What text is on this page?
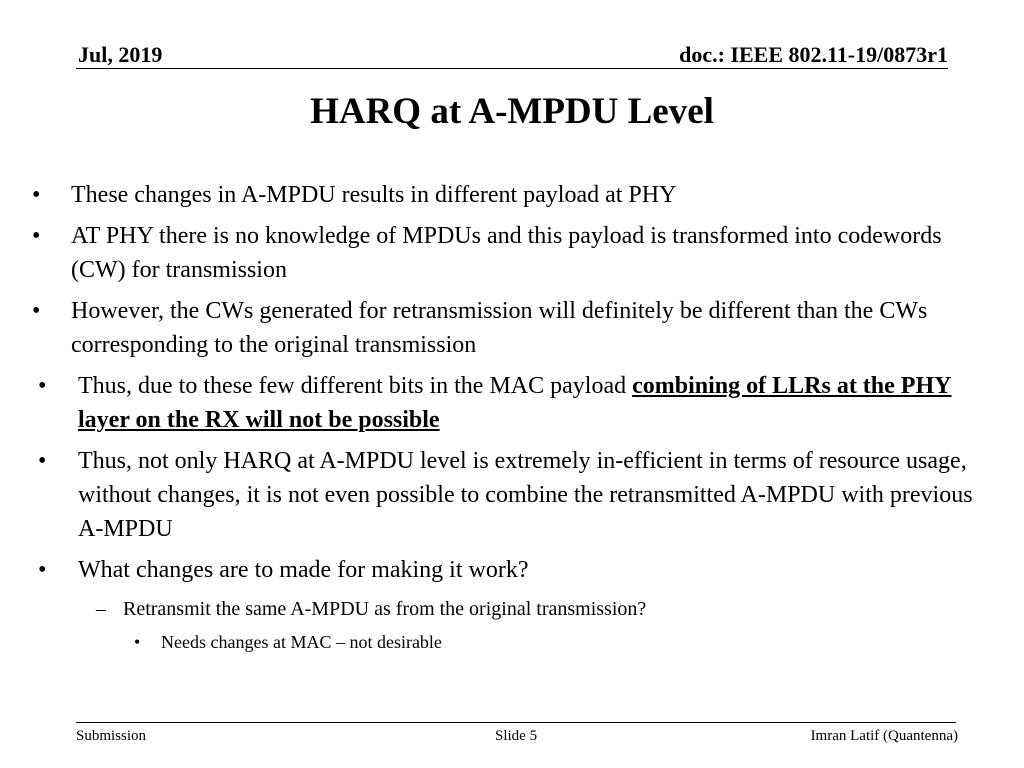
Jul, 2019	doc.: IEEE 802.11-19/0873r1
HARQ at A-MPDU Level
• These changes in A-MPDU results in different payload at PHY
• AT PHY there is no knowledge of MPDUs and this payload is transformed into codewords (CW) for transmission
• However, the CWs generated for retransmission will definitely be different than the CWs corresponding to the original transmission
• Thus, due to these few different bits in the MAC payload combining of LLRs at the PHY layer on the RX will not be possible
• Thus, not only HARQ at A-MPDU level is extremely in-efficient in terms of resource usage, without changes, it is not even possible to combine the retransmitted A-MPDU with previous A-MPDU
• What changes are to made for making it work?
– Retransmit the same A-MPDU as from the original transmission?
• Needs changes at MAC – not desirable
Submission	Slide 5	Imran Latif (Quantenna)
